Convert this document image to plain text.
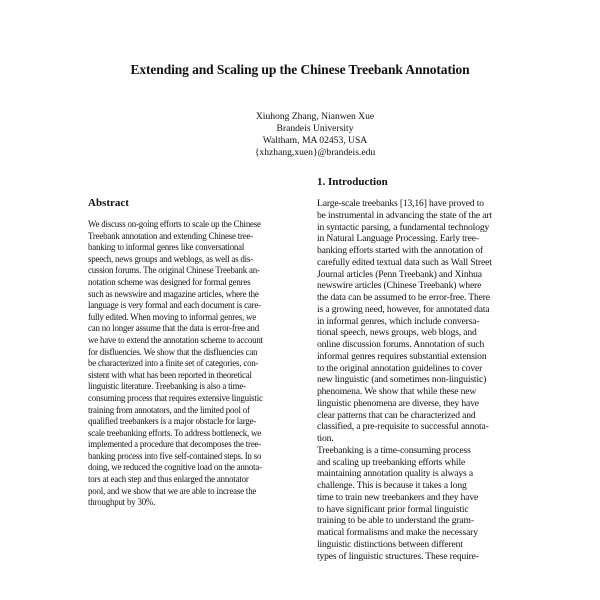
Extending and Scaling up the Chinese Treebank Annotation
Xiuhong Zhang, Nianwen Xue
Brandeis University
Waltham, MA 02453, USA
{xhzhang,xuen}@brandeis.edu
Abstract
We discuss on-going efforts to scale up the Chinese
Treebank annotation and extending Chinese tree-
banking to informal genres like conversational
speech, news groups and weblogs, as well as dis-
cussion forums. The original Chinese Treebank an-
notation scheme was designed for formal genres
such as newswire and magazine articles, where the
language is very formal and each document is care-
fully edited. When moving to informal genres, we
can no longer assume that the data is error-free and
we have to extend the annotation scheme to account
for disfluencies. We show that the disfluencies can
be characterized into a finite set of categories, con-
sistent with what has been reported in theoretical
linguistic literature. Treebanking is also a time-
consuming process that requires extensive linguistic
training from annotators, and the limited pool of
qualified treebankers is a major obstacle for large-
scale treebanking efforts. To address bottleneck, we
implemented a procedure that decomposes the tree-
banking process into five self-contained steps. In so
doing, we reduced the cognitive load on the annota-
tors at each step and thus enlarged the annotator
pool, and we show that we are able to increase the
throughput by 30%.
1. Introduction
Large-scale treebanks [13,16] have proved to
be instrumental in advancing the state of the art
in syntactic parsing, a fundamental technology
in Natural Language Processing. Early tree-
banking efforts started with the annotation of
carefully edited textual data such as Wall Street
Journal articles (Penn Treebank) and Xinhua
newswire articles (Chinese Treebank) where
the data can be assumed to be error-free. There
is a growing need, however, for annotated data
in informal genres, which include conversa-
tional speech, news groups, web blogs, and
online discussion forums. Annotation of such
informal genres requires substantial extension
to the original annotation guidelines to cover
new linguistic (and sometimes non-linguistic)
phenomena. We show that while these new
linguistic phenomena are diverse, they have
clear patterns that can be characterized and
classified, a pre-requisite to successful annota-
tion.
Treebanking is a time-consuming process
and scaling up treebanking efforts while
maintaining annotation quality is always a
challenge. This is because it takes a long
time to train new treebankers and they have
to have significant prior formal linguistic
training to be able to understand the gram-
matical formalisms and make the necessary
linguistic distinctions between different
types of linguistic structures. These require-
